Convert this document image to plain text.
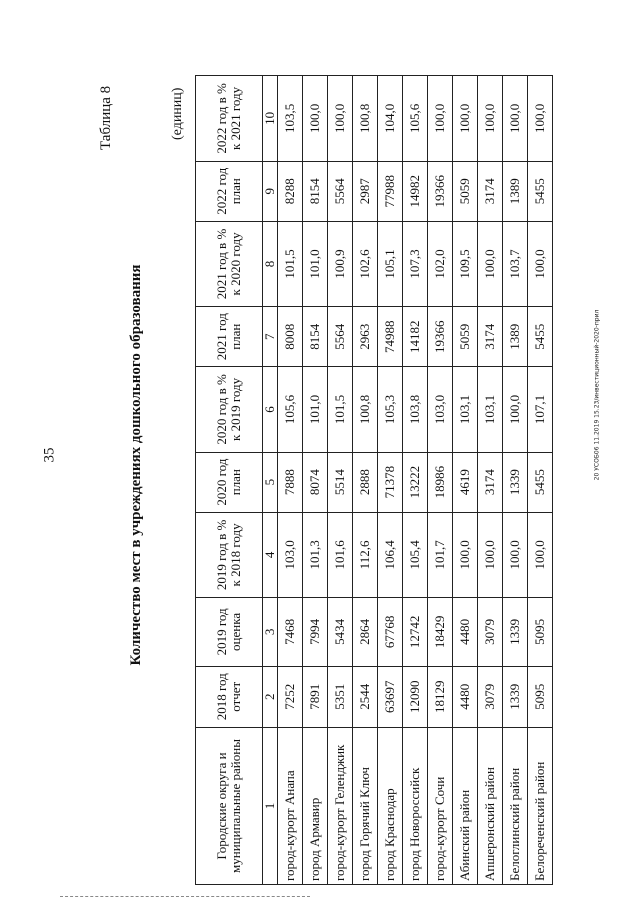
35
Таблица 8
Количество мест в учреждениях дошкольного образования
(единиц)
Городские округа и муниципальные районы	2018 год отчет	2019 год оценка	2019 год в % к 2018 году	2020 год план	2020 год в % к 2019 году	2021 год план	2021 год в % к 2020 году	2022 год план	2022 год в % к 2021 году
1	2	3	4	5	6	7	8	9	10
город-курорт Анапа	7252	7468	103,0	7888	105,6	8008	101,5	8288	103,5
город Армавир	7891	7994	101,3	8074	101,0	8154	101,0	8154	100,0
город-курорт Геленджик	5351	5434	101,6	5514	101,5	5564	100,9	5564	100,0
город Горячий Ключ	2544	2864	112,6	2888	100,8	2963	102,6	2987	100,8
город Краснодар	63697	67768	106,4	71378	105,3	74988	105,1	77988	104,0
город Новороссийск	12090	12742	105,4	13222	103,8	14182	107,3	14982	105,6
город-курорт Сочи	18129	18429	101,7	18986	103,0	19366	102,0	19366	100,0
Абинский район	4480	4480	100,0	4619	103,1	5059	109,5	5059	100,0
Апшеронский район	3079	3079	100,0	3174	103,1	3174	100,0	3174	100,0
Белоглинский район	1339	1339	100,0	1339	100,0	1389	103,7	1389	100,0
Белореченский район	5095	5095	100,0	5455	107,1	5455	100,0	5455	100,0
20 УСОБ06 11.2019 15.23/инвестиционный-2020-прил
